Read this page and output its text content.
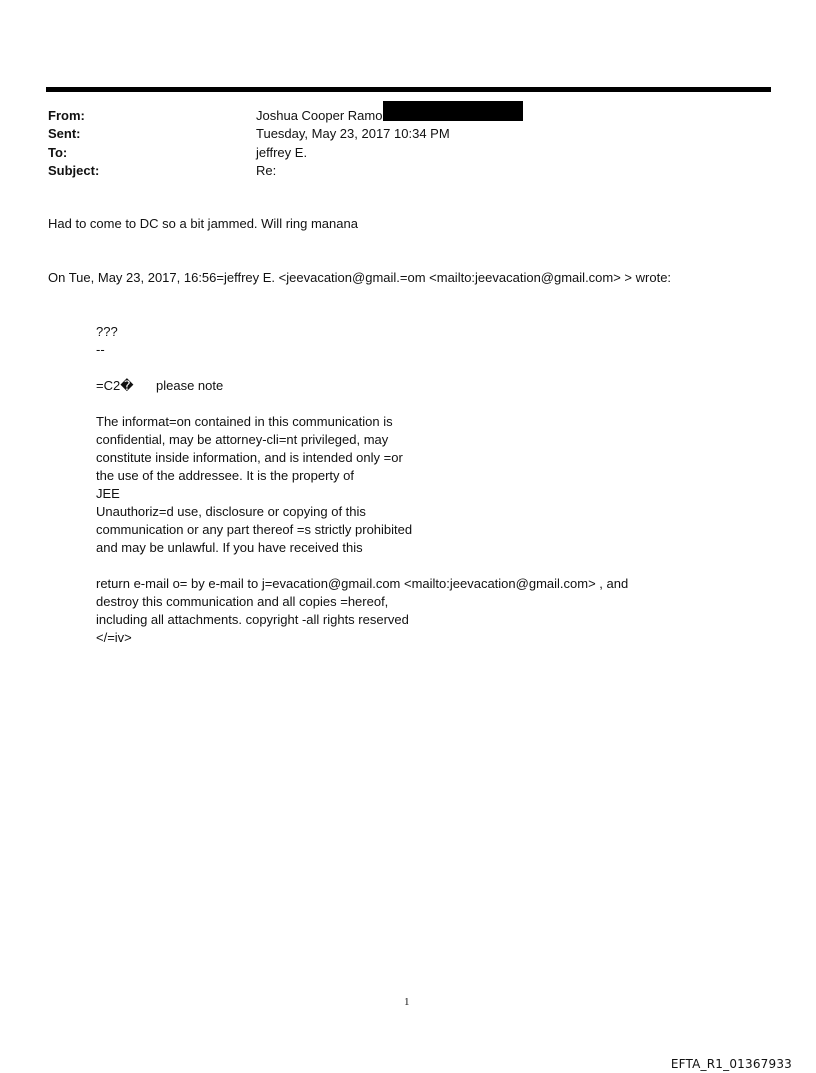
From:	Joshua Cooper Ramo
Sent:	Tuesday, May 23, 2017 10:34 PM
To:	jeffrey E.
Subject:	Re:
Had to come to DC so a bit jammed. Will ring manana
On Tue, May 23, 2017, 16:56=jeffrey E. <jeevacation@gmail.=om <mailto:jeevacation@gmail.com> > wrote:
???
--
=C2� please note
The informat=on contained in this communication is
confidential, may be attorney-cli=nt privileged, may
constitute inside information, and is intended only =or
the use of the addressee. It is the property of
JEE
Unauthoriz=d use, disclosure or copying of this
communication or any part thereof =s strictly prohibited
and may be unlawful. If you have received this
return e-mail o= by e-mail to j=evacation@gmail.com <mailto:jeevacation@gmail.com> , and
destroy this communication and all copies =hereof,
including all attachments. copyright -all rights reserved
</=iv>
1
EFTA_R1_01367933
